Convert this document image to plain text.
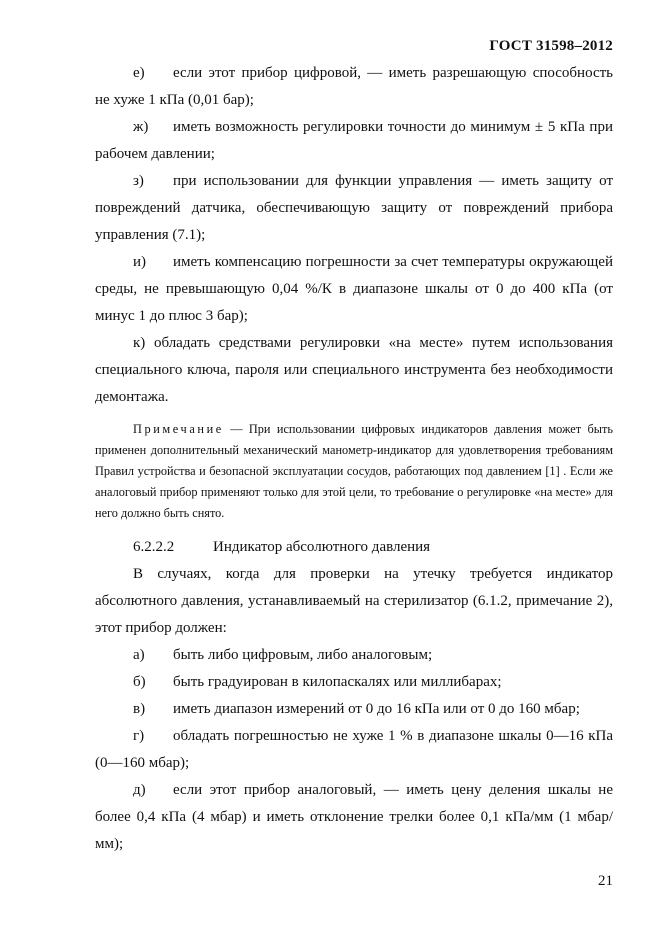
ГОСТ 31598–2012

е) если этот прибор цифровой, — иметь разрешающую способность не хуже 1 кПа (0,01 бар);

ж) иметь возможность регулировки точности до минимум ± 5 кПа при рабочем давлении;

з) при использовании для функции управления — иметь защиту от повреждений датчика, обеспечивающую защиту от повреждений прибора управления (7.1);

и) иметь компенсацию погрешности за счет температуры окружающей среды, не превышающую 0,04 %/К в диапазоне шкалы от 0 до 400 кПа (от минус 1 до плюс 3 бар);

к) обладать средствами регулировки «на месте» путем использования специального ключа, пароля или специального инструмента без необходимости демонтажа.

Примечание — При использовании цифровых индикаторов давления может быть применен дополнительный механический манометр-индикатор для удовлетворения требованиям Правил устройства и безопасной эксплуатации сосудов, работающих под давлением [1] . Если же аналоговый прибор применяют только для этой цели, то требование о регулировке «на месте» для него должно быть снято.

6.2.2.2	Индикатор абсолютного давления

В случаях, когда для проверки на утечку требуется индикатор абсолютного давления, устанавливаемый на стерилизатор (6.1.2, примечание 2), этот прибор должен:

а) быть либо цифровым, либо аналоговым;

б) быть градуирован в килопаскалях или миллибарах;

в) иметь диапазон измерений от 0 до 16 кПа или от 0 до 160 мбар;

г) обладать погрешностью не хуже 1 % в диапазоне шкалы 0—16 кПа (0—160 мбар);

д) если этот прибор аналоговый, — иметь цену деления шкалы не более 0,4 кПа (4 мбар) и иметь отклонение трелки более 0,1 кПа/мм (1 мбар/мм);

21
